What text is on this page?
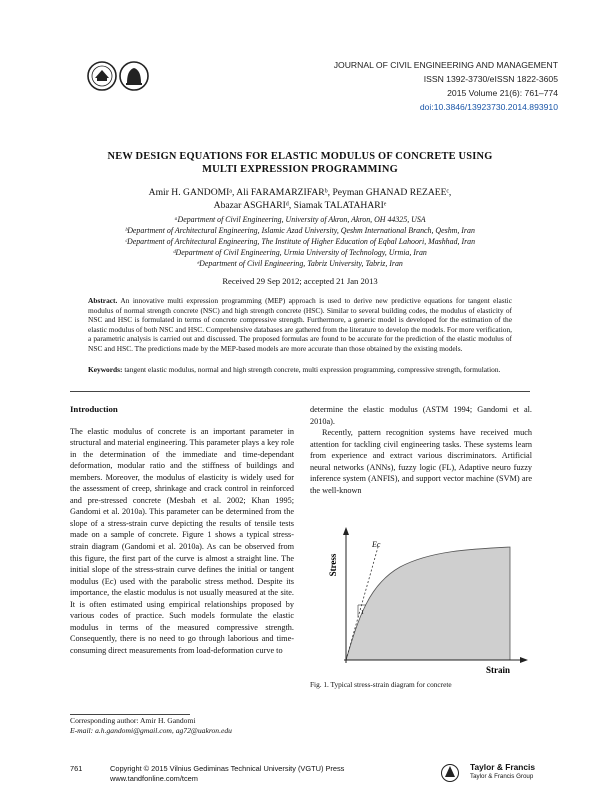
JOURNAL OF CIVIL ENGINEERING AND MANAGEMENT
ISSN 1392-3730/eISSN 1822-3605
2015 Volume 21(6): 761–774
doi:10.3846/13923730.2014.893910
NEW DESIGN EQUATIONS FOR ELASTIC MODULUS OF CONCRETE USING
MULTI EXPRESSION PROGRAMMING
Amir H. GANDOMIᵃ, Ali FARAMARZIFARᵇ, Peyman GHANAD REZAEEᶜ,
Abazar ASGHARIᵈ, Siamak TALATAHARIᵉ
ᵃDepartment of Civil Engineering, University of Akron, Akron, OH 44325, USA
ᵇDepartment of Architectural Engineering, Islamic Azad University, Qeshm International Branch, Qeshm, Iran
ᶜDepartment of Architectural Engineering, The Institute of Higher Education of Eqbal Lahoori, Mashhad, Iran
ᵈDepartment of Civil Engineering, Urmia University of Technology, Urmia, Iran
ᵉDepartment of Civil Engineering, Tabriz University, Tabriz, Iran
Received 29 Sep 2012; accepted 21 Jan 2013
Abstract. An innovative multi expression programming (MEP) approach is used to derive new predictive equations for tangent elastic modulus of normal strength concrete (NSC) and high strength concrete (HSC). Similar to several building codes, the modulus of elasticity of NSC and HSC is formulated in terms of concrete compressive strength. Furthermore, a generic model is developed for the estimation of the elastic modulus of both NSC and HSC. Comprehensive databases are gathered from the literature to develop the models. For more verification, a parametric analysis is carried out and discussed. The proposed formulas are found to be accurate for the prediction of the elastic modulus of NSC and HSC. The predictions made by the MEP-based models are more accurate than those obtained by the existing models.
Keywords: tangent elastic modulus, normal and high strength concrete, multi expression programming, compressive strength, formulation.
Introduction

The elastic modulus of concrete is an important parameter in structural and material engineering. This parameter plays a key role in the determination of the immediate and time-dependant deformation, modular ratio and the stiffness of buildings and members. Moreover, the modulus of elasticity is widely used for the assessment of creep, shrinkage and crack control in reinforced and pre-stressed concrete (Mesbah et al. 2002; Khan 1995; Gandomi et al. 2010a). This parameter can be determined from the slope of a stress-strain curve depicting the results of tensile tests made on a sample of concrete. Figure 1 shows a typical stress-strain diagram (Gandomi et al. 2010a). As can be observed from this figure, the first part of the curve is almost a straight line. The initial slope of the stress-strain curve defines the initial or tangent modulus (Ec) used with the parabolic stress method. Despite its importance, the elastic modulus is not usually measured at the site. It is often estimated using empirical relationships proposed by various codes of practice. Such models formulate the elastic modulus in terms of the measured compressive strength. Consequently, there is no need to go through laborious and time-consuming direct measurements from load-deformation curve to

determine the elastic modulus (ASTM 1994; Gandomi et al. 2010a).

Recently, pattern recognition systems have received much attention for tackling civil engineering tasks. These systems learn from experience and extract various discriminators. Artificial neural networks (ANNs), fuzzy logic (FL), Adaptive neuro fuzzy inference system (ANFIS), and support vector machine (SVM) are the well-known

Stress
Strain
Ec
1
Fig. 1. Typical stress-strain diagram for concrete
Corresponding author: Amir H. Gandomi
E-mail: a.h.gandomi@gmail.com, ag72@uakron.edu
761	Copyright © 2015 Vilnius Gediminas Technical University (VGTU) Press
www.tandfonline.com/tcem
Taylor & Francis
Taylor & Francis Group
